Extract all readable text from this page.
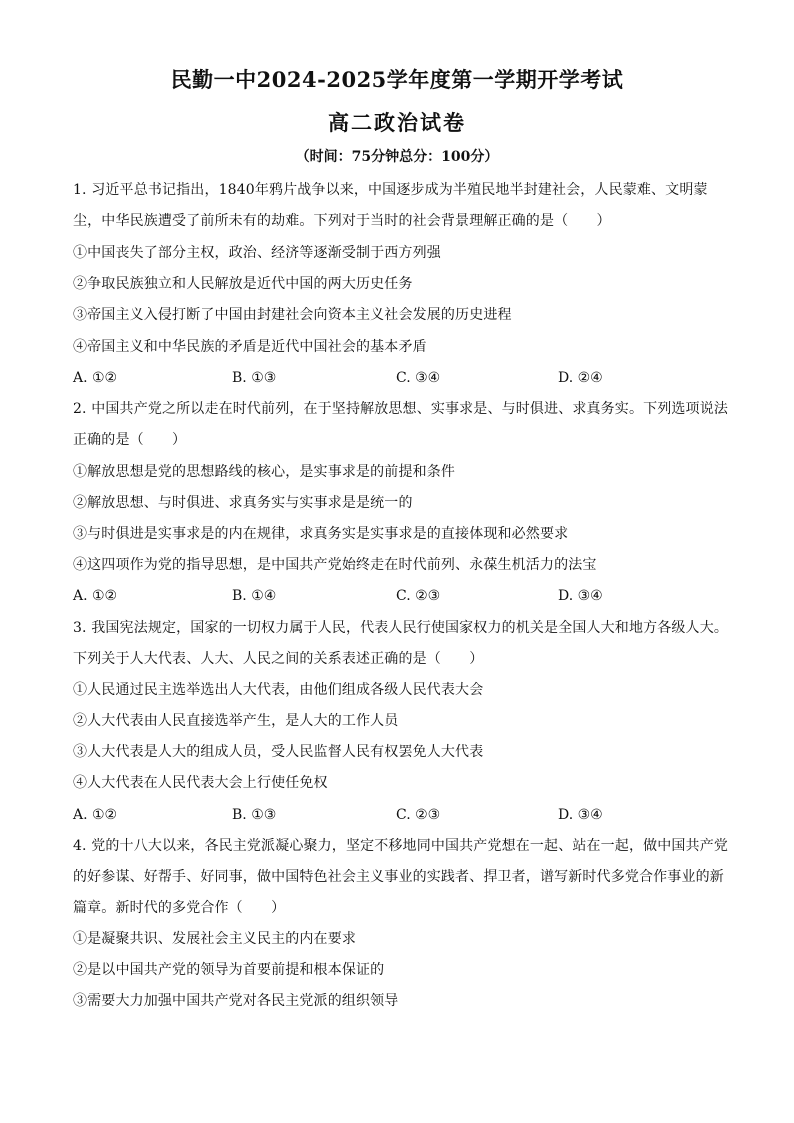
民勤一中2024-2025学年度第一学期开学考试
高二政治试卷
（时间：75分钟总分：100分）
1. 习近平总书记指出，1840年鸦片战争以来，中国逐步成为半殖民地半封建社会，人民蒙难、文明蒙
尘，中华民族遭受了前所未有的劫难。下列对于当时的社会背景理解正确的是（　　）
①中国丧失了部分主权，政治、经济等逐渐受制于西方列强
②争取民族独立和人民解放是近代中国的两大历史任务
③帝国主义入侵打断了中国由封建社会向资本主义社会发展的历史进程
④帝国主义和中华民族的矛盾是近代中国社会的基本矛盾
A. ①②	B. ①③	C. ③④	D. ②④
2. 中国共产党之所以走在时代前列，在于坚持解放思想、实事求是、与时俱进、求真务实。下列选项说法
正确的是（　　）
①解放思想是党的思想路线的核心，是实事求是的前提和条件
②解放思想、与时俱进、求真务实与实事求是是统一的
③与时俱进是实事求是的内在规律，求真务实是实事求是的直接体现和必然要求
④这四项作为党的指导思想，是中国共产党始终走在时代前列、永葆生机活力的法宝
A. ①②	B. ①④	C. ②③	D. ③④
3. 我国宪法规定，国家的一切权力属于人民，代表人民行使国家权力的机关是全国人大和地方各级人大。
下列关于人大代表、人大、人民之间的关系表述正确的是（　　）
①人民通过民主选举选出人大代表，由他们组成各级人民代表大会
②人大代表由人民直接选举产生，是人大的工作人员
③人大代表是人大的组成人员，受人民监督人民有权罢免人大代表
④人大代表在人民代表大会上行使任免权
A. ①②	B. ①③	C. ②③	D. ③④
4. 党的十八大以来，各民主党派凝心聚力，坚定不移地同中国共产党想在一起、站在一起，做中国共产党
的好参谋、好帮手、好同事，做中国特色社会主义事业的实践者、捍卫者，谱写新时代多党合作事业的新
篇章。新时代的多党合作（　　）
①是凝聚共识、发展社会主义民主的内在要求
②是以中国共产党的领导为首要前提和根本保证的
③需要大力加强中国共产党对各民主党派的组织领导
